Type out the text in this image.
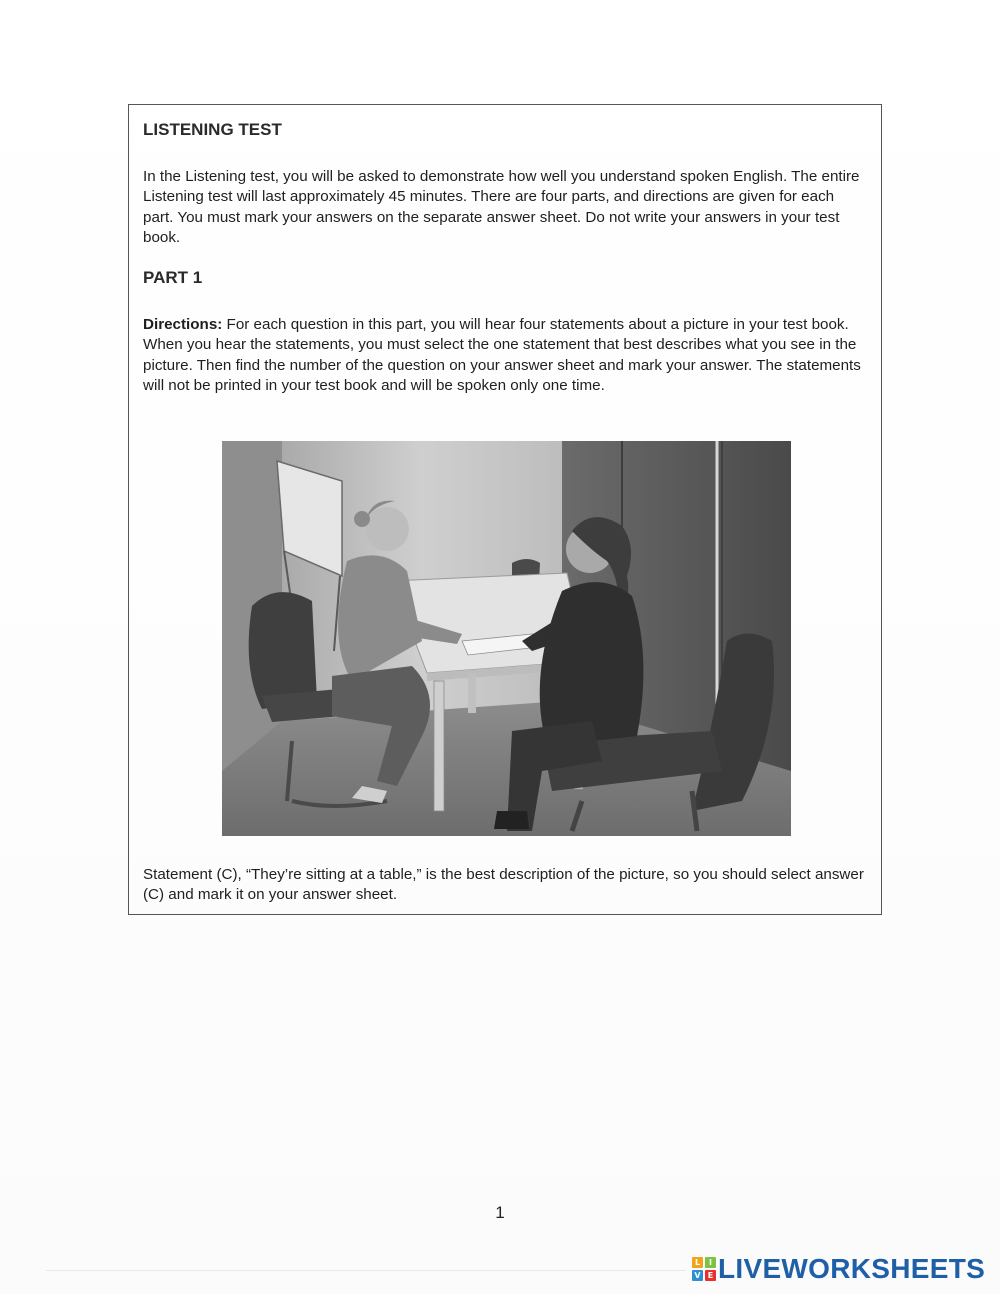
LISTENING TEST

In the Listening test, you will be asked to demonstrate how well you understand spoken English. The entire Listening test will last approximately 45 minutes. There are four parts, and directions are given for each part. You must mark your answers on the separate answer sheet. Do not write your answers in your test book.

PART 1

Directions: For each question in this part, you will hear four statements about a picture in your test book. When you hear the statements, you must select the one statement that best describes what you see in the picture. Then find the number of the question on your answer sheet and mark your answer. The statements will not be printed in your test book and will be spoken only one time.

Statement (C), “They’re sitting at a table,” is the best description of the picture, so you should select answer (C) and mark it on your answer sheet.

1
L	I
V E LIVEWORKSHEETS
